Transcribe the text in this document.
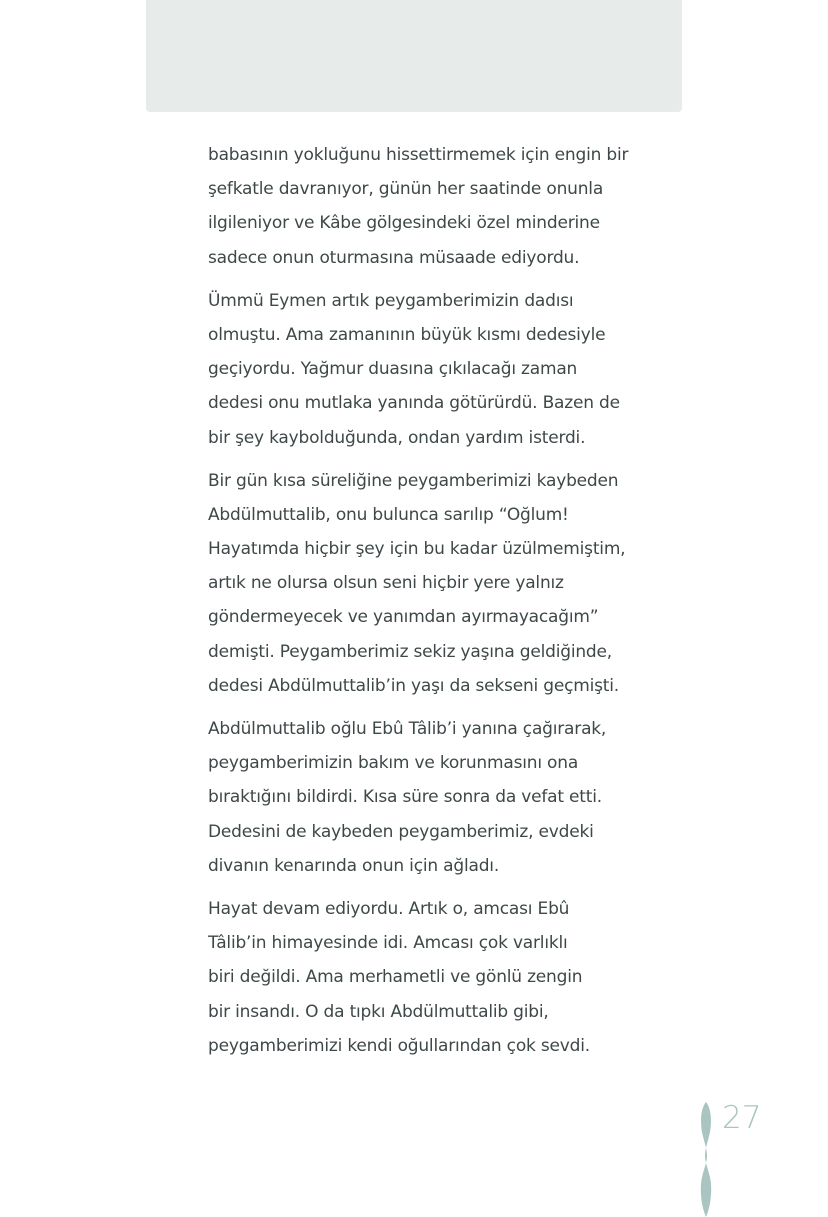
babasının yokluğunu hissettirmemek için engin bir
şefkatle davranıyor, günün her saatinde onunla
ilgileniyor ve Kâbe gölgesindeki özel minderine
sadece onun oturmasına müsaade ediyordu.

Ümmü Eymen artık peygamberimizin dadısı
olmuştu. Ama zamanının büyük kısmı dedesiyle
geçiyordu. Yağmur duasına çıkılacağı zaman
dedesi onu mutlaka yanında götürürdü. Bazen de
bir şey kaybolduğunda, ondan yardım isterdi.

Bir gün kısa süreliğine peygamberimizi kaybeden
Abdülmuttalib, onu bulunca sarılıp “Oğlum!
Hayatımda hiçbir şey için bu kadar üzülmemiştim,
artık ne olursa olsun seni hiçbir yere yalnız
göndermeyecek ve yanımdan ayırmayacağım”
demişti. Peygamberimiz sekiz yaşına geldiğinde,
dedesi Abdülmuttalib’in yaşı da sekseni geçmişti.

Abdülmuttalib oğlu Ebû Tâlib’i yanına çağırarak,
peygamberimizin bakım ve korunmasını ona
bıraktığını bildirdi. Kısa süre sonra da vefat etti.
Dedesini de kaybeden peygamberimiz, evdeki
divanın kenarında onun için ağladı.

Hayat devam ediyordu. Artık o, amcası Ebû
Tâlib’in himayesinde idi. Amcası çok varlıklı
biri değildi. Ama merhametli ve gönlü zengin
bir insandı. O da tıpkı Abdülmuttalib gibi,
peygamberimizi kendi oğullarından çok sevdi.

27
